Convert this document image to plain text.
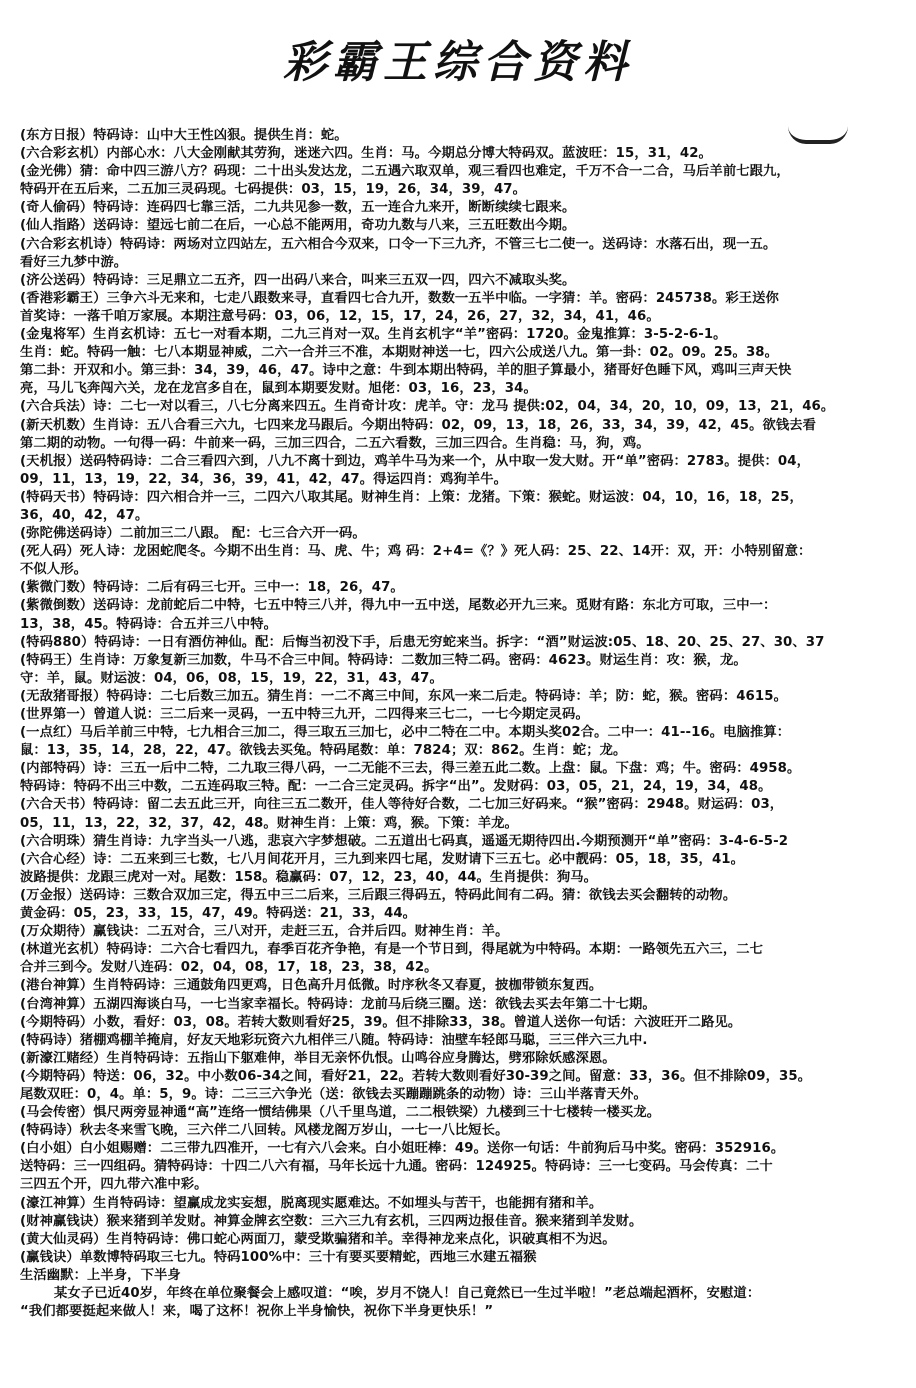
彩霸王综合资料
(东方日报）特码诗：山中大王性凶狠。提供生肖：蛇。
(六合彩玄机）内部心水：八大金刚献其劳狗，迷迷六四。生肖：马。今期总分博大特码双。蓝波旺：15，31，42。
(金光佛）猜：命中四三游八方？码现：二十出头发达龙，二五遇六取双单，观三看四也难定，千万不合一二合，马后羊前七跟九，
特码开在五后来，二五加三灵码现。七码提供：03，15，19，26，34，39，47。
(奇人偷码）特码诗：连码四七靠三活，二九共见参一数，五一连合九来开，断断续续七跟来。
(仙人指路）送码诗：望远七前二在后，一心总不能两用，奇功九数与八来，三五旺数出今期。
(六合彩玄机诗）特码诗：两场对立四站左，五六相合今双来，口令一下三九齐，不管三七二使一。送码诗：水落石出，现一五。
看好三九梦中游。
(济公送码）特码诗：三足鼎立二五齐，四一出码八来合，叫来三五双一四，四六不减取头奖。
(香港彩霸王）三争六斗无来和，七走八跟数来寻，直看四七合九开，数数一五半中临。一字猜：羊。密码：245738。彩王送你
首奖诗：一落千咱万家展。本期注意号码：03，06，12，15，17，24，26，27，32，34，41，46。
(金鬼将军）生肖玄机诗：五七一对看本期，二九三肖对一双。生肖玄机字“羊”密码：1720。金鬼推算：3-5-2-6-1。
生肖：蛇。特码一触：七八本期显神威，二六一合并三不准，本期财神送一七，四六公成送八九。第一卦：02。09。25。38。
第二卦：开双和小。第三卦：34，39，46，47。诗中之意：牛到本期出特码，羊的胆子算最小，猪哥好色睡下风，鸡叫三声天快
亮，马儿飞奔闯六关，龙在龙宫多自在，鼠到本期要发财。旭佬：03，16，23，34。
(六合兵法）诗：二七一对以看三，八七分离来四五。生肖奇计攻：虎羊。守：龙马 提供:02，04，34，20，10，09，13，21，46。
(新天机数）生肖诗：五八合看三六九，七四来龙马跟后。今期出特码：02，09，13，18，26，33，34，39，42，45。欲钱去看
第二期的动物。一句得一码：牛前来一码，三加三四合，二五六看数，三加三四合。生肖稳：马，狗，鸡。
(天机报）送码特码诗：二合三看四六到，八九不离十到边，鸡羊牛马为来一个，从中取一发大财。开“单”密码：2783。提供：04，
09，11，13，19，22，34，36，39，41，42，47。得运四肖：鸡狗羊牛。
(特码天书）特码诗：四六相合并一三，二四六八取其尾。财神生肖：上策：龙猪。下策：猴蛇。财运波：04，10，16，18，25，
36，40，42，47。
(弥陀佛送码诗）二前加三二八跟。 配：七三合六开一码。
(死人码）死人诗：龙困蛇爬冬。今期不出生肖：马、虎、牛；鸡 码：2+4=《？》死人码：25、22、14开：双，开：小特别留意：
不似人形。
(紫微门数）特码诗：二后有码三七开。三中一：18，26，47。
(紫微倒数）送码诗：龙前蛇后二中特，七五中特三八并，得九中一五中送，尾数必开九三来。觅财有路：东北方可取，三中一：
13，38，45。特码诗：合五并三八中特。
(特码880）特码诗：一日有酒仿神仙。配：后悔当初没下手，后患无穷蛇来当。拆字：“酒”财运波:05、18、20、25、27、30、37
(特码王）生肖诗：万象复新三加数，牛马不合三中间。特码诗：二数加三特二码。密码：4623。财运生肖：攻：猴，龙。
守：羊，鼠。财运波：04，06，08，15，19，22，31，43，47。
(无敌猪哥报）特码诗：二七后数三加五。猜生肖：一二不离三中间，东风一来二后走。特码诗：羊；防：蛇，猴。密码：4615。
(世界第一）曾道人说：三二后来一灵码，一五中特三九开，二四得来三七二，一七今期定灵码。
(一点红）马后羊前三中特，七九相合三加二，得三取五三加七，必中二特在二中。本期头奖02合。二中一：41--16。电脑推算：
鼠：13，35，14，28，22，47。欲钱去买兔。特码尾数：单：7824；双：862。生肖：蛇；龙。
(内部特码）诗：三五一后中二特，二九取三得八码，一二无能不三去，得三差五此二数。上盘：鼠。下盘：鸡；牛。密码：4958。
特码诗：特码不出三中数，二五连码取三特。配：一二合三定灵码。拆字“出”。发财码：03，05，21，24，19，34，48。
(六合天书）特码诗：留二去五此三开，向往三五二数开，佳人等待好合数，二七加三好码来。“猴”密码：2948。财运码：03，
05，11，13，22，32，37，42，48。财神生肖：上策：鸡，猴。下策：羊龙。
(六合明珠）猜生肖诗：九字当头一八逃，悲哀六字梦想破。二五道出七码真，遥遥无期待四出.今期预测开“单”密码：3-4-6-5-2
(六合心经）诗：二五来到三七数，七八月间花开月，三九到来四七尾，发财请下三五七。必中靓码：05，18，35，41。
波路提供：龙跟三虎对一对。尾数：158。稳赢码：07，12，23，40，44。生肖提供：狗马。
(万金报）送码诗：三数合双加三定，得五中三二后来，三后跟三得码五，特码此间有二码。猜：欲钱去买会翻转的动物。
黄金码：05，23，33，15，47，49。特码送：21，33，44。
(万众期待）赢钱诀：二五对合，三八对开，走赶三五，合并后四。财神生肖：羊。
(林道光玄机）特码诗：二六合七看四九，春季百花齐争艳，有是一个节日到，得尾就为中特码。本期：一路领先五六三，二七
合并三到今。发财八连码：02，04，08，17，18，23，38，42。
(港台神算）生肖特码诗：三通鼓角四更鸡，日色高升月低微。时序秋冬又春夏，披枷带锁东复西。
(台湾神算）五湖四海谈白马，一七当家幸福长。特码诗：龙前马后绕三圈。送：欲钱去买去年第二十七期。
(今期特码）小数，看好：03，08。若转大数则看好25，39。但不排除33，38。曾道人送你一句话：六波旺开二路见。
(特码诗）猪棚鸡棚羊掩肩，好友天地彩玩资六九相伴三八随。特码诗：油壁车轻郎马聪，三三伴六三九中.
(新濠江赌经）生肖特码诗：五指山下躯难伸，举目无亲怀仇恨。山鸣谷应身腾达，劈邪除妖感深恩。
(今期特码）特送：06，32。中小数06-34之间，看好21，22。若转大数则看好30-39之间。留意：33，36。但不排除09，35。
尾数双旺：0，4。单：5，9。诗：二三三六争光（送：欲钱去买蹦蹦跳条的动物）诗：三山半落青天外。
(马会传密）惧尺两旁显神通“高”连络一惯结佛果（八千里鸟道，二二根铁梁）九楼到三十七楼转一楼买龙。
(特码诗）秋去冬来雪飞晚，三六伴二八回转。风楼龙阁万岁山，一七一八比短长。
(白小姐）白小姐赐赠：二三带九四准开，一七有六八会来。白小姐旺棒：49。送你一句话：牛前狗后马中奖。密码：352916。
送特码：三一四组码。猜特码诗：十四二八六有福，马年长远十九通。密码：124925。特码诗：三一七变码。马会传真：二十
三四五个开，四九带六准中彩。
(濠江神算）生肖特码诗：望赢成龙实妄想，脱离现实愿难达。不如埋头与苦干，也能拥有猪和羊。
(财神赢钱诀）猴来猪到羊发财。神算金牌玄空数：三六三九有玄机，三四两边报佳音。猴来猪到羊发财。
(黄大仙灵码）生肖特码诗：佛口蛇心两面刀，蒙受欺骗猪和羊。幸得神龙来点化，识破真相不为迟。
(赢钱诀）单数博特码取三七九。特码100%中：三十有要买要精蛇，西地三水建五福猴
生活幽默：上半身，下半身
某女子已近40岁，年终在单位聚餐会上感叹道：“唉，岁月不饶人！自己竟然已一生过半啦！”老总端起酒杯，安慰道：
“我们都要挺起来做人！来，喝了这杯！祝你上半身愉快，祝你下半身更快乐！”
